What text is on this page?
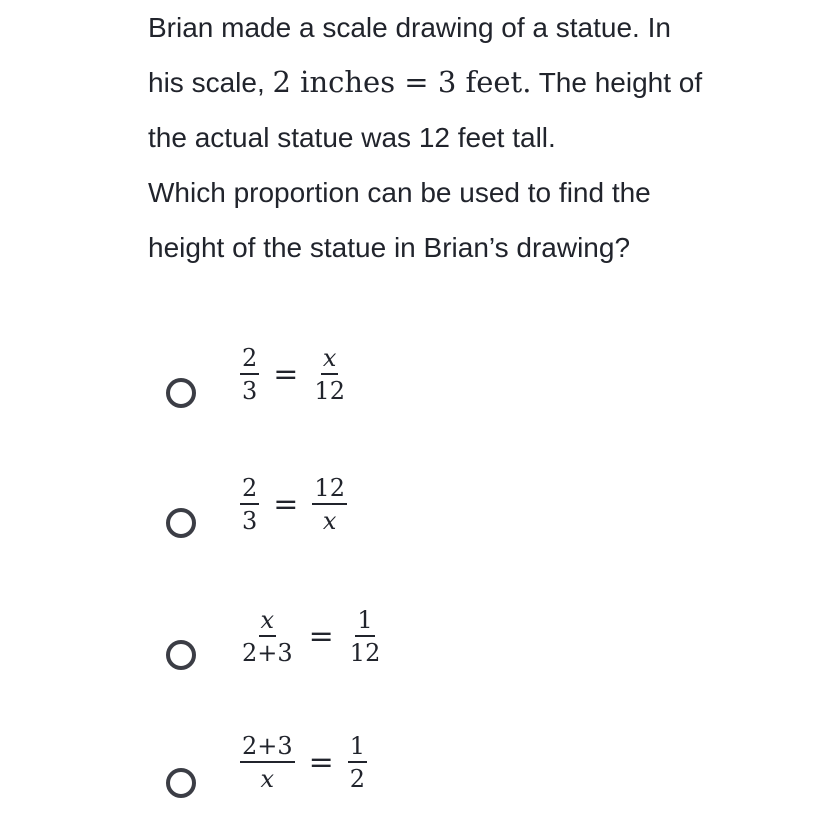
Brian made a scale drawing of a statue. In
his scale, 2 inches = 3 feet. The height of
the actual statue was 12 feet tall.
Which proportion can be used to find the
height of the statue in Brian’s drawing?
$\frac{2}{3} = \frac{x}{12}$
$\frac{2}{3} = \frac{12}{x}$
$\frac{x}{2+3} = \frac{1}{12}$
$\frac{2+3}{x} = \frac{1}{2}$
